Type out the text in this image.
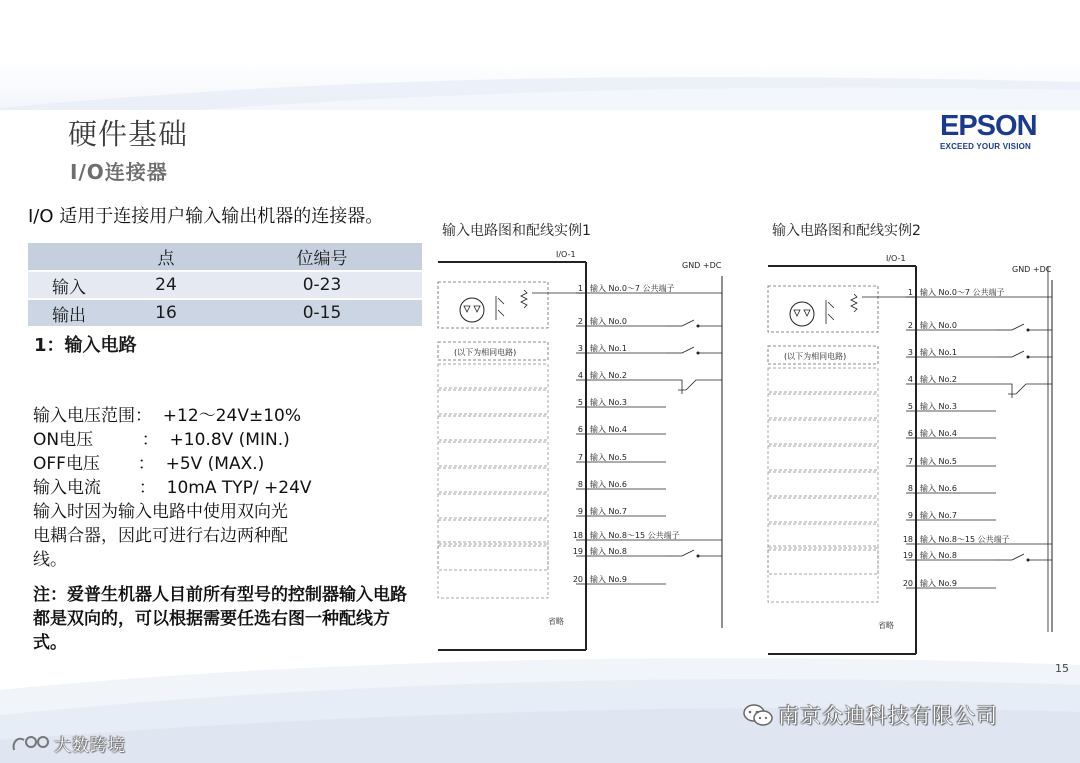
硬件基础
I/O连接器
EPSON
EXCEED YOUR VISION
I/O 适用于连接用户输入输出机器的连接器。
	点	位编号
输入	24	0-23
输出	16	0-15
1：输入电路
输入电压范围：  +12～24V±10%
ON电压         ：  +10.8V (MIN.)
OFF电压       ：  +5V (MAX.)
输入电流       ：  10mA TYP/ +24V
输入时因为输入电路中使用双向光
电耦合器，因此可进行右边两种配
线。
注：爱普生机器人目前所有型号的控制器输入电路都是双向的，可以根据需要任选右图一种配线方式。
输入电路图和配线实例1	输入电路图和配线实例2
I/O-1
GND +DC
(以下为相同电路)
省略
1 输入 No.0～7 公共端子
2 输入 No.0
3 输入 No.1
4 输入 No.2
5 输入 No.3
6 输入 No.4
7 输入 No.5
8 输入 No.6
9 输入 No.7
18 输入 No.8～15 公共端子
19 输入 No.8
20 输入 No.9
I/O-1
GND +DC
(以下为相同电路)
省略
1 输入 No.0～7 公共端子
2 输入 No.0
3 输入 No.1
4 输入 No.2
5 输入 No.3
6 输入 No.4
7 输入 No.5
8 输入 No.6
9 输入 No.7
18 输入 No.8～15 公共端子
19 输入 No.8
20 输入 No.9
15
南京众迪科技有限公司
大数跨境
